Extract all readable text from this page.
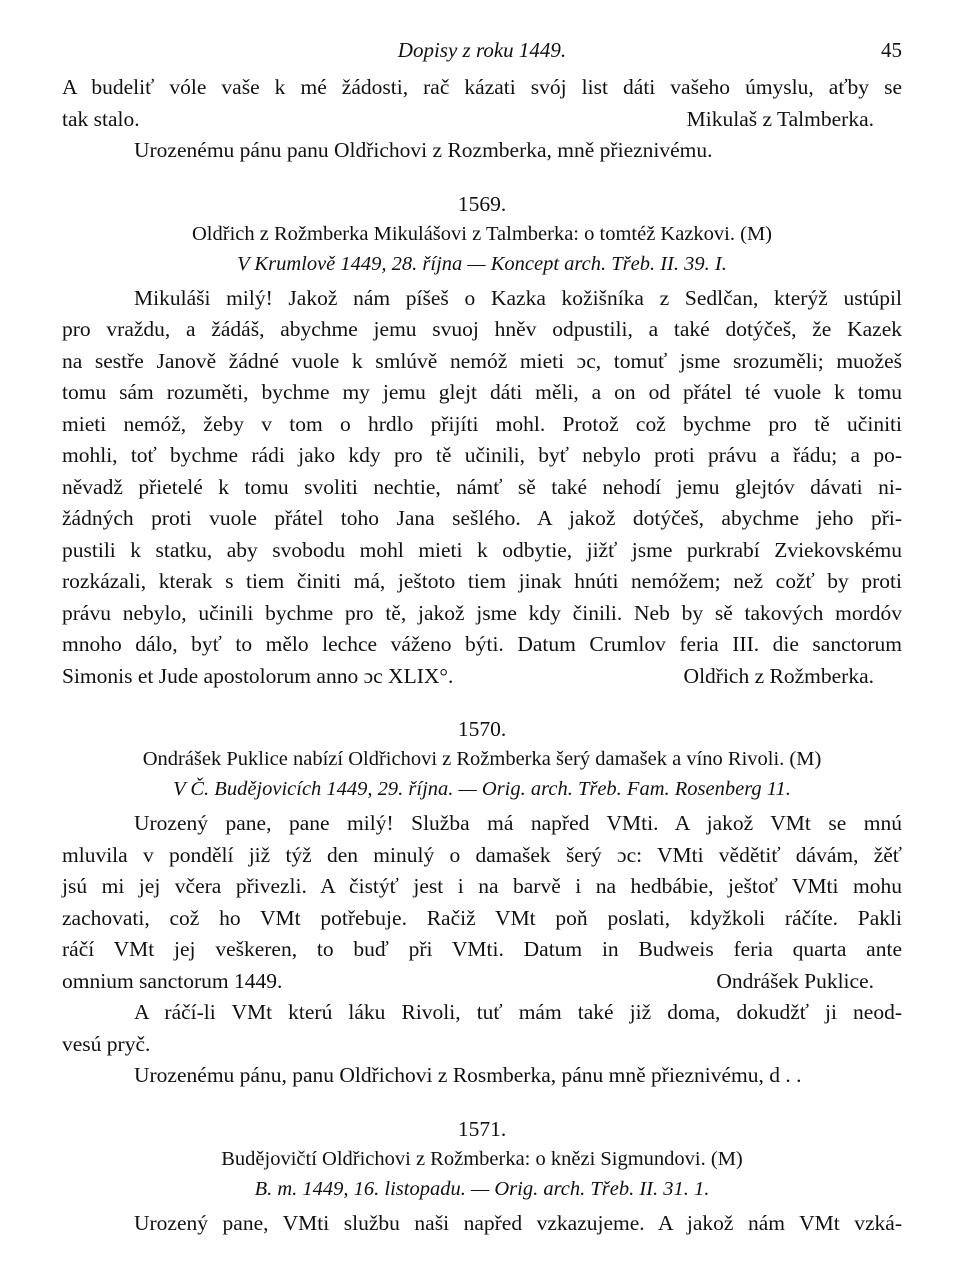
Dopisy z roku 1449.	45
A budeliť vóle vaše k mé žádosti, rač kázati svój list dáti vašeho úmyslu, aťby se
tak stalo.	Mikulaš z Talmberka.
Urozenému pánu panu Oldřichovi z Rozmberka, mně přieznivému.
1569.
Oldřich z Rožmberka Mikulášovi z Talmberka: o tomtéž Kazkovi. (M)
V Krumlově 1449, 28. října — Koncept arch. Třeb. II. 39. I.
Mikuláši milý! Jakož nám píšeš o Kazka kožišníka z Sedlčan, kterýž ustúpil
pro vraždu, a žádáš, abychme jemu svuoj hněv odpustili, a také dotýčeš, že Kazek
na sestře Janově žádné vuole k smlúvě nemóž mieti ɔc, tomuť jsme srozuměli; muožeš
tomu sám rozuměti, bychme my jemu glejt dáti měli, a on od přátel té vuole k tomu
mieti nemóž, žeby v tom o hrdlo přijíti mohl. Protož což bychme pro tě učiniti
mohli, toť bychme rádi jako kdy pro tě učinili, byť nebylo proti právu a řádu; a po-
něvadž přietelé k tomu svoliti nechtie, námť sě také nehodí jemu glejtóv dávati ni-
žádných proti vuole přátel toho Jana sešlého. A jakož dotýčeš, abychme jeho při-
pustili k statku, aby svobodu mohl mieti k odbytie, jižť jsme purkrabí Zviekovskému
rozkázali, kterak s tiem činiti má, ještoto tiem jinak hnúti nemóžem; než cožť by proti
právu nebylo, učinili bychme pro tě, jakož jsme kdy činili. Neb by sě takových mordóv
mnoho dálo, byť to mělo lechce váženo býti. Datum Crumlov feria III. die sanctorum
Simonis et Jude apostolorum anno ɔc XLIX°.	Oldřich z Rožmberka.
1570.
Ondrášek Puklice nabízí Oldřichovi z Rožmberka šerý damašek a víno Rivoli. (M)
V Č. Budějovicích 1449, 29. října. — Orig. arch. Třeb. Fam. Rosenberg 11.
Urozený pane, pane milý! Služba má napřed VMti. A jakož VMt se mnú
mluvila v pondělí již týž den minulý o damašek šerý ɔc: VMti vědětiť dávám, žěť
jsú mi jej včera přivezli. A čistýť jest i na barvě i na hedbábie, ještoť VMti mohu
zachovati, což ho VMt potřebuje. Račiž VMt poň poslati, kdyžkoli ráčíte. Pakli
ráčí VMt jej veškeren, to buď při VMti. Datum in Budweis feria quarta ante
omnium sanctorum 1449.	Ondrášek Puklice.
A ráčí-li VMt kterú láku Rivoli, tuť mám také již doma, dokudžť ji neod-
vesú pryč.
Urozenému pánu, panu Oldřichovi z Rosmberka, pánu mně přieznivému, d . .
1571.
Budějovičtí Oldřichovi z Rožmberka: o knězi Sigmundovi. (M)
B. m. 1449, 16. listopadu. — Orig. arch. Třeb. II. 31. 1.
Urozený pane, VMti službu naši napřed vzkazujeme. A jakož nám VMt vzká-
